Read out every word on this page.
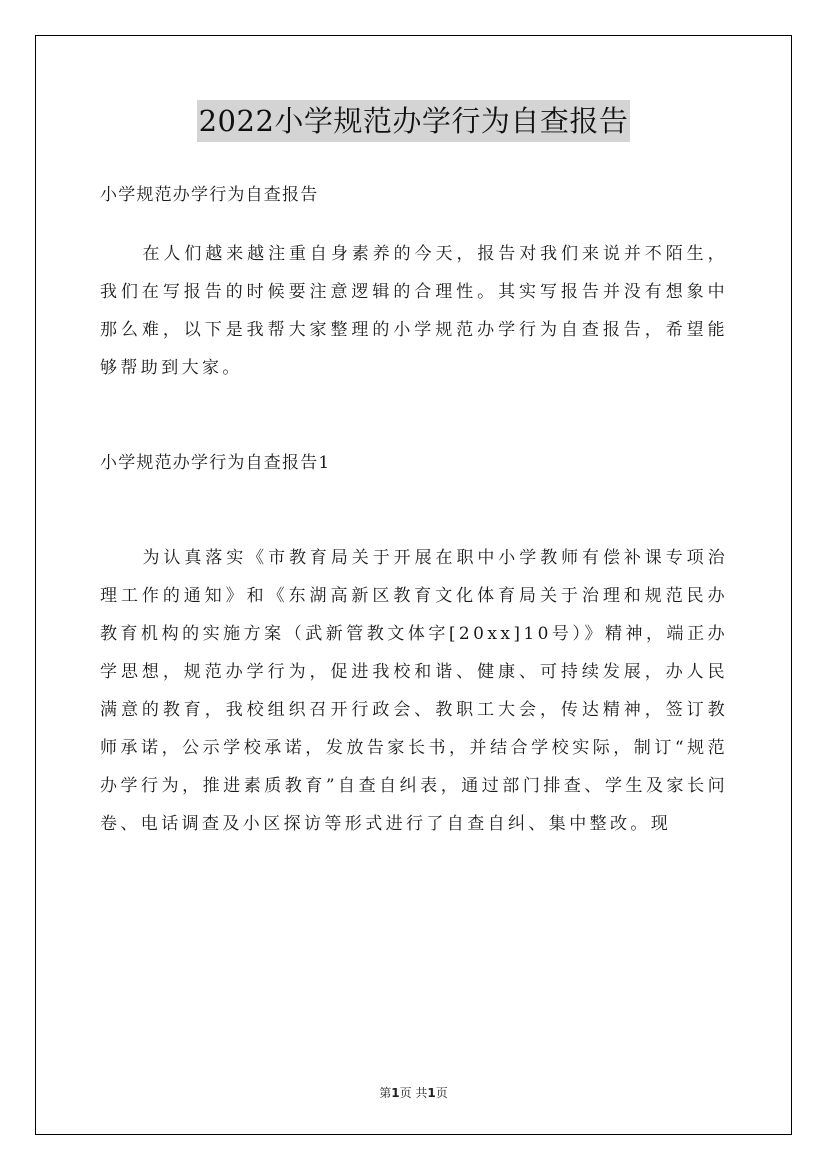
2022小学规范办学行为自查报告

小学规范办学行为自查报告

在人们越来越注重自身素养的今天，报告对我们来说并不陌生，我们在写报告的时候要注意逻辑的合理性。其实写报告并没有想象中那么难，以下是我帮大家整理的小学规范办学行为自查报告，希望能够帮助到大家。

小学规范办学行为自查报告1

为认真落实《市教育局关于开展在职中小学教师有偿补课专项治理工作的通知》和《东湖高新区教育文化体育局关于治理和规范民办教育机构的实施方案（武新管教文体字[20xx]10号）》精神，端正办学思想，规范办学行为，促进我校和谐、健康、可持续发展，办人民满意的教育，我校组织召开行政会、教职工大会，传达精神，签订教师承诺，公示学校承诺，发放告家长书，并结合学校实际，制订“规范办学行为，推进素质教育”自查自纠表，通过部门排查、学生及家长问卷、电话调查及小区探访等形式进行了自查自纠、集中整改。现

第1页 共1页
